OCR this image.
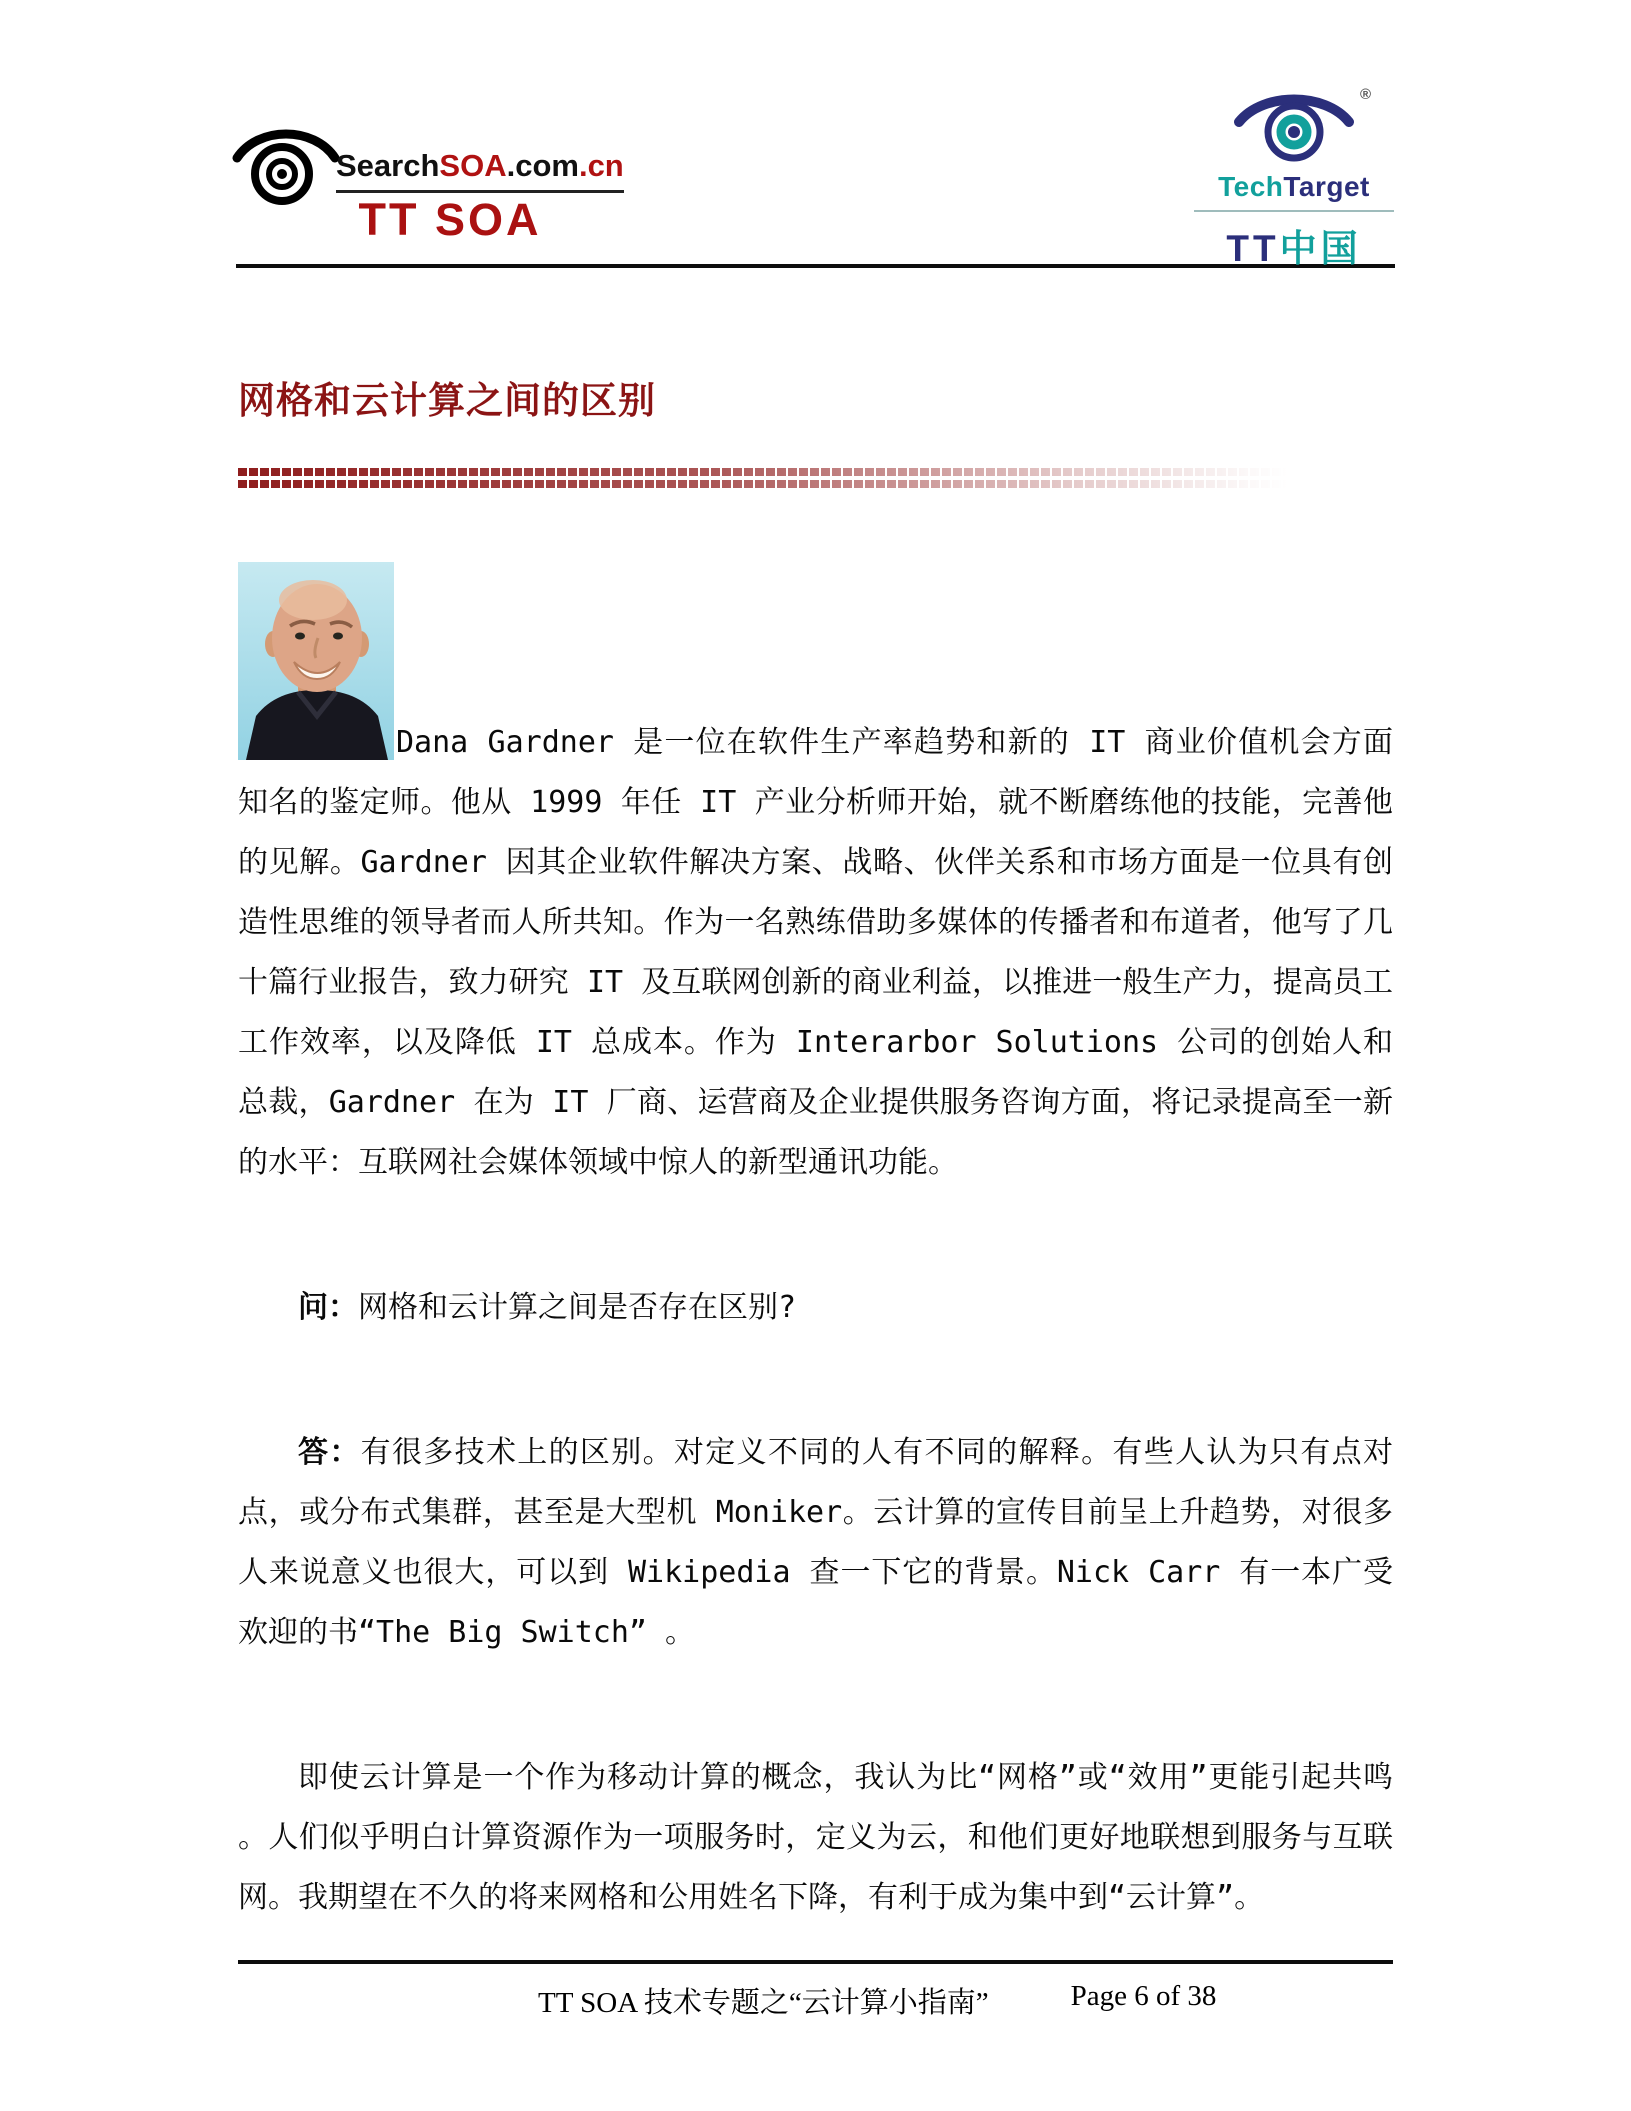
SearchSOA.com.cn
TT SOA
®
TechTarget
TT中国
网格和云计算之间的区别

Dana Gardner 是一位在软件生产率趋势和新的 IT 商业价值机会方面知名的鉴定师。他从 1999 年任 IT 产业分析师开始，就不断磨练他的技能，完善他的见解。Gardner 因其企业软件解决方案、战略、伙伴关系和市场方面是一位具有创造性思维的领导者而人所共知。作为一名熟练借助多媒体的传播者和布道者，他写了几十篇行业报告，致力研究 IT 及互联网创新的商业利益，以推进一般生产力，提高员工工作效率，以及降低 IT 总成本。作为 Interarbor Solutions 公司的创始人和总裁，Gardner 在为 IT 厂商、运营商及企业提供服务咨询方面，将记录提高至一新的水平：互联网社会媒体领域中惊人的新型通讯功能。

问：网格和云计算之间是否存在区别?

答：有很多技术上的区别。对定义不同的人有不同的解释。有些人认为只有点对点，或分布式集群，甚至是大型机 Moniker。云计算的宣传目前呈上升趋势，对很多人来说意义也很大，可以到 Wikipedia 查一下它的背景。Nick Carr 有一本广受欢迎的书“The Big Switch” 。

即使云计算是一个作为移动计算的概念，我认为比“网格”或“效用”更能引起共鸣 。人们似乎明白计算资源作为一项服务时，定义为云，和他们更好地联想到服务与互联网。我期望在不久的将来网格和公用姓名下降，有利于成为集中到“云计算”。

TT SOA 技术专题之“云计算小指南”	Page 6 of 38
